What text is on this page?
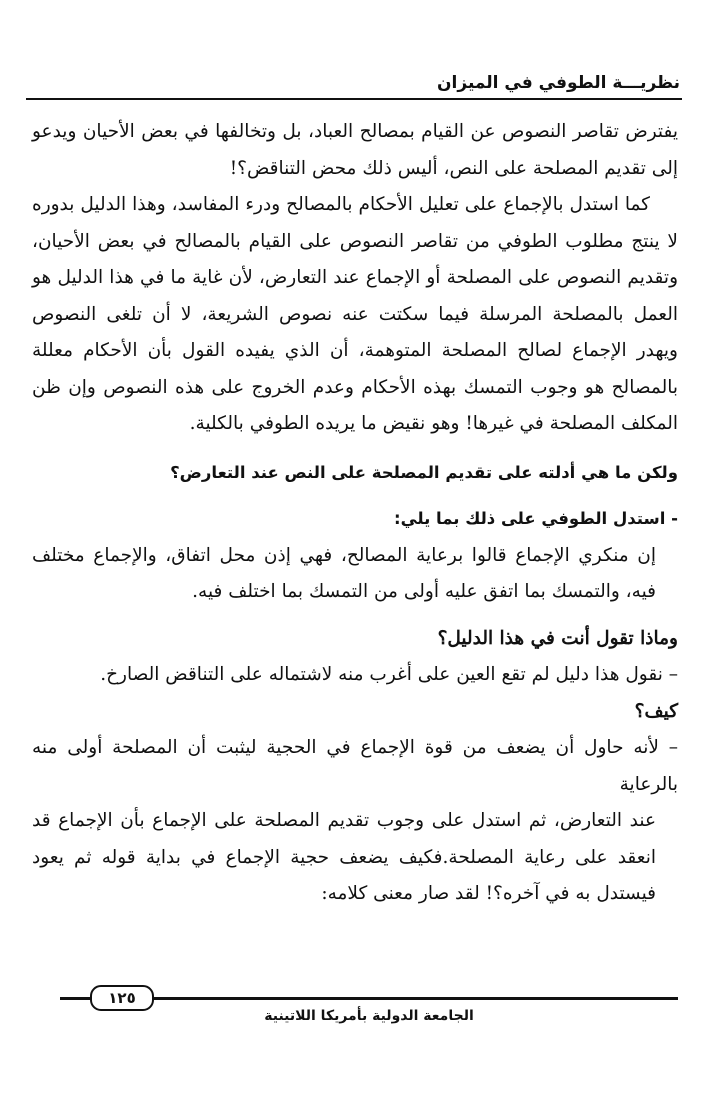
نظريـــة الطوفي في الميزان

يفترض تقاصر النصوص عن القيام بمصالح العباد، بل وتخالفها في بعض الأحيان ويدعو

إلى تقديم المصلحة على النص، أليس ذلك محض التناقض؟!

كما استدل بالإجماع على تعليل الأحكام بالمصالح ودرء المفاسد، وهذا الدليل بدوره لا ينتج مطلوب الطوفي من تقاصر النصوص على القيام بالمصالح في بعض الأحيان، وتقديم النصوص على المصلحة أو الإجماع عند التعارض، لأن غاية ما في هذا الدليل هو العمل بالمصلحة المرسلة فيما سكتت عنه نصوص الشريعة، لا أن تلغى النصوص ويهدر الإجماع لصالح المصلحة المتوهمة، أن الذي يفيده القول بأن الأحكام معللة بالمصالح هو وجوب التمسك بهذه الأحكام وعدم الخروج على هذه النصوص وإن ظن المكلف المصلحة في غيرها! وهو نقيض ما يريده الطوفي بالكلية.

ولكن ما هي أدلته على تقديم المصلحة على النص عند التعارض؟

- استدل الطوفي على ذلك بما يلي:

إن منكري الإجماع قالوا برعاية المصالح، فهي إذن محل اتفاق، والإجماع مختلف فيه، والتمسك بما اتفق عليه أولى من التمسك بما اختلف فيه.

وماذا تقول أنت في هذا الدليل؟

– نقول هذا دليل لم تقع العين على أغرب منه لاشتماله على التناقض الصارخ.

كيف؟

– لأنه حاول أن يضعف من قوة الإجماع في الحجية ليثبت أن المصلحة أولى منه بالرعاية

عند التعارض، ثم استدل على وجوب تقديم المصلحة على الإجماع بأن الإجماع قد انعقد على رعاية المصلحة.فكيف يضعف حجية الإجماع في بداية قوله ثم يعود فيستدل به في آخره؟! لقد صار معنى كلامه:

١٢٥
الجامعة الدولية بأمريكا اللاتينية
